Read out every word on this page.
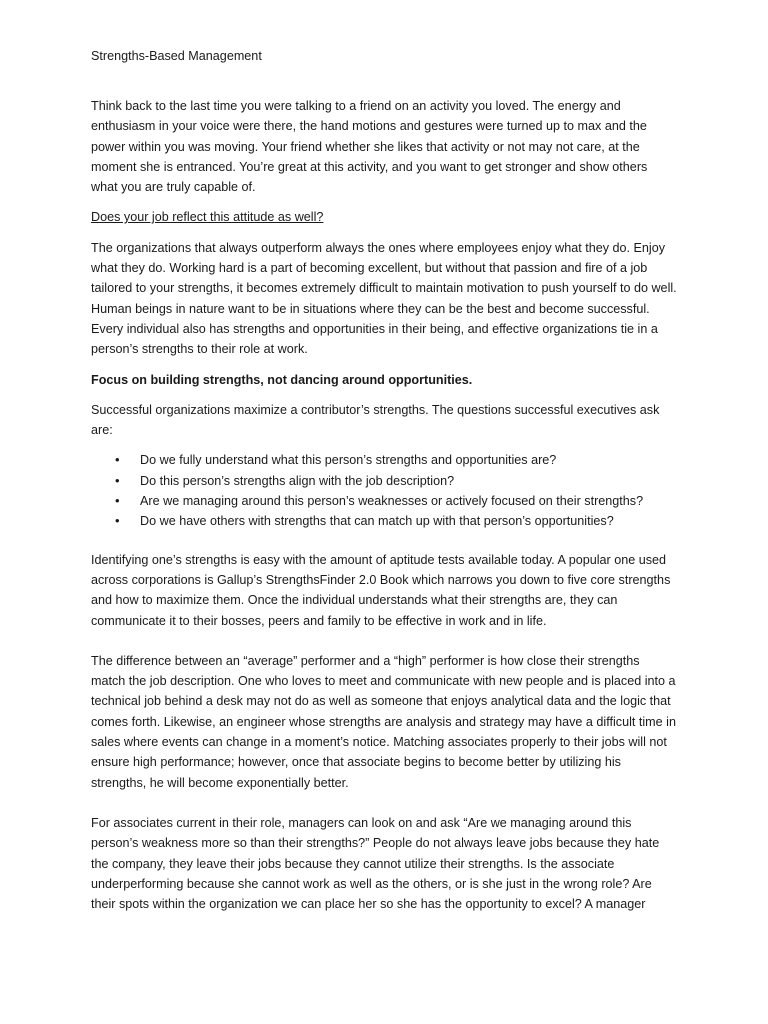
Strengths-Based Management

Think back to the last time you were talking to a friend on an activity you loved. The energy and enthusiasm in your voice were there, the hand motions and gestures were turned up to max and the power within you was moving. Your friend whether she likes that activity or not may not care, at the moment she is entranced. You’re great at this activity, and you want to get stronger and show others what you are truly capable of.

Does your job reflect this attitude as well?

The organizations that always outperform always the ones where employees enjoy what they do. Enjoy what they do. Working hard is a part of becoming excellent, but without that passion and fire of a job tailored to your strengths, it becomes extremely difficult to maintain motivation to push yourself to do well. Human beings in nature want to be in situations where they can be the best and become successful. Every individual also has strengths and opportunities in their being, and effective organizations tie in a person’s strengths to their role at work.

Focus on building strengths, not dancing around opportunities.

Successful organizations maximize a contributor’s strengths. The questions successful executives ask are:

• Do we fully understand what this person’s strengths and opportunities are?
• Do this person’s strengths align with the job description?
• Are we managing around this person’s weaknesses or actively focused on their strengths?
• Do we have others with strengths that can match up with that person’s opportunities?

Identifying one’s strengths is easy with the amount of aptitude tests available today. A popular one used across corporations is Gallup’s StrengthsFinder 2.0 Book which narrows you down to five core strengths and how to maximize them. Once the individual understands what their strengths are, they can communicate it to their bosses, peers and family to be effective in work and in life.

The difference between an “average” performer and a “high” performer is how close their strengths match the job description. One who loves to meet and communicate with new people and is placed into a technical job behind a desk may not do as well as someone that enjoys analytical data and the logic that comes forth. Likewise, an engineer whose strengths are analysis and strategy may have a difficult time in sales where events can change in a moment’s notice. Matching associates properly to their jobs will not ensure high performance; however, once that associate begins to become better by utilizing his strengths, he will become exponentially better.

For associates current in their role, managers can look on and ask “Are we managing around this person’s weakness more so than their strengths?” People do not always leave jobs because they hate the company, they leave their jobs because they cannot utilize their strengths. Is the associate underperforming because she cannot work as well as the others, or is she just in the wrong role? Are their spots within the organization we can place her so she has the opportunity to excel? A manager
